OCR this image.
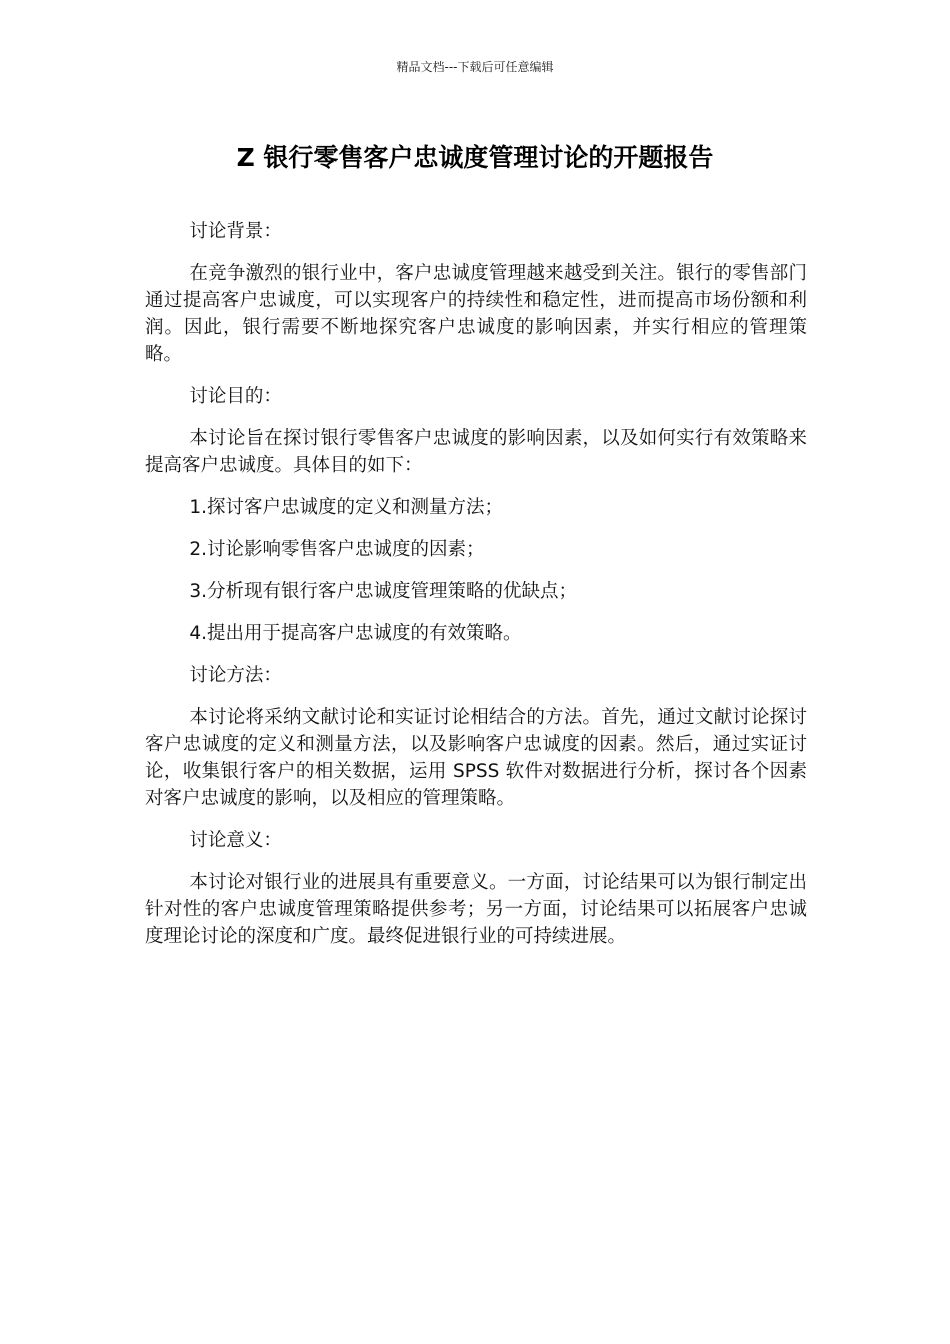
精品文档---下载后可任意编辑
Z 银行零售客户忠诚度管理讨论的开题报告

讨论背景：

在竞争激烈的银行业中，客户忠诚度管理越来越受到关注。银行的零售部门通过提高客户忠诚度，可以实现客户的持续性和稳定性，进而提高市场份额和利润。因此，银行需要不断地探究客户忠诚度的影响因素，并实行相应的管理策略。

讨论目的：

本讨论旨在探讨银行零售客户忠诚度的影响因素，以及如何实行有效策略来提高客户忠诚度。具体目的如下：

1.探讨客户忠诚度的定义和测量方法；

2.讨论影响零售客户忠诚度的因素；

3.分析现有银行客户忠诚度管理策略的优缺点；

4.提出用于提高客户忠诚度的有效策略。

讨论方法：

本讨论将采纳文献讨论和实证讨论相结合的方法。首先，通过文献讨论探讨客户忠诚度的定义和测量方法，以及影响客户忠诚度的因素。然后，通过实证讨论，收集银行客户的相关数据，运用 SPSS 软件对数据进行分析，探讨各个因素对客户忠诚度的影响，以及相应的管理策略。

讨论意义：

本讨论对银行业的进展具有重要意义。一方面，讨论结果可以为银行制定出针对性的客户忠诚度管理策略提供参考；另一方面，讨论结果可以拓展客户忠诚度理论讨论的深度和广度。最终促进银行业的可持续进展。
